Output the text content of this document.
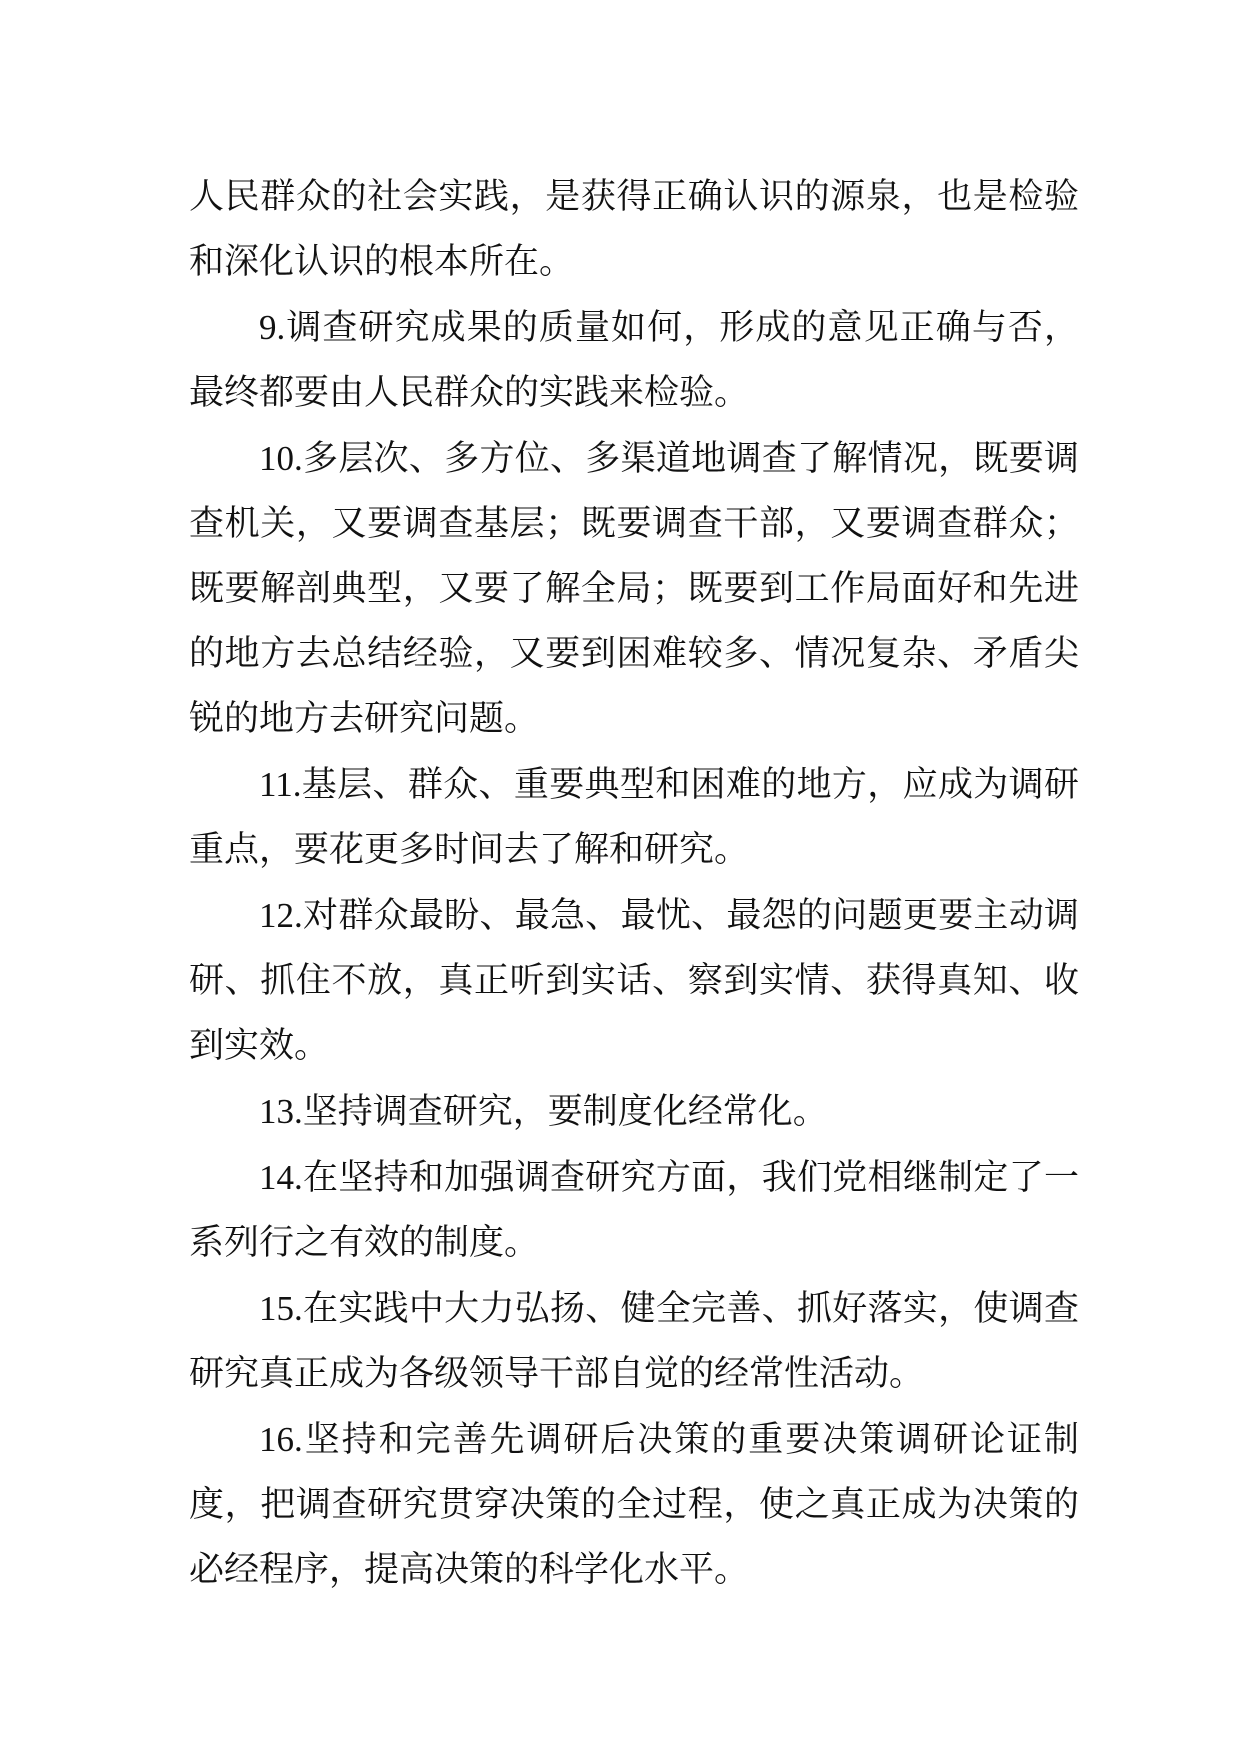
人民群众的社会实践，是获得正确认识的源泉，也是检验和深化认识的根本所在。

9.调查研究成果的质量如何，形成的意见正确与否，最终都要由人民群众的实践来检验。

10.多层次、多方位、多渠道地调查了解情况，既要调查机关，又要调查基层；既要调查干部，又要调查群众；既要解剖典型，又要了解全局；既要到工作局面好和先进的地方去总结经验，又要到困难较多、情况复杂、矛盾尖锐的地方去研究问题。

11.基层、群众、重要典型和困难的地方，应成为调研重点，要花更多时间去了解和研究。

12.对群众最盼、最急、最忧、最怨的问题更要主动调研、抓住不放，真正听到实话、察到实情、获得真知、收到实效。

13.坚持调查研究，要制度化经常化。

14.在坚持和加强调查研究方面，我们党相继制定了一系列行之有效的制度。

15.在实践中大力弘扬、健全完善、抓好落实，使调查研究真正成为各级领导干部自觉的经常性活动。

16.坚持和完善先调研后决策的重要决策调研论证制度，把调查研究贯穿决策的全过程，使之真正成为决策的必经程序，提高决策的科学化水平。
